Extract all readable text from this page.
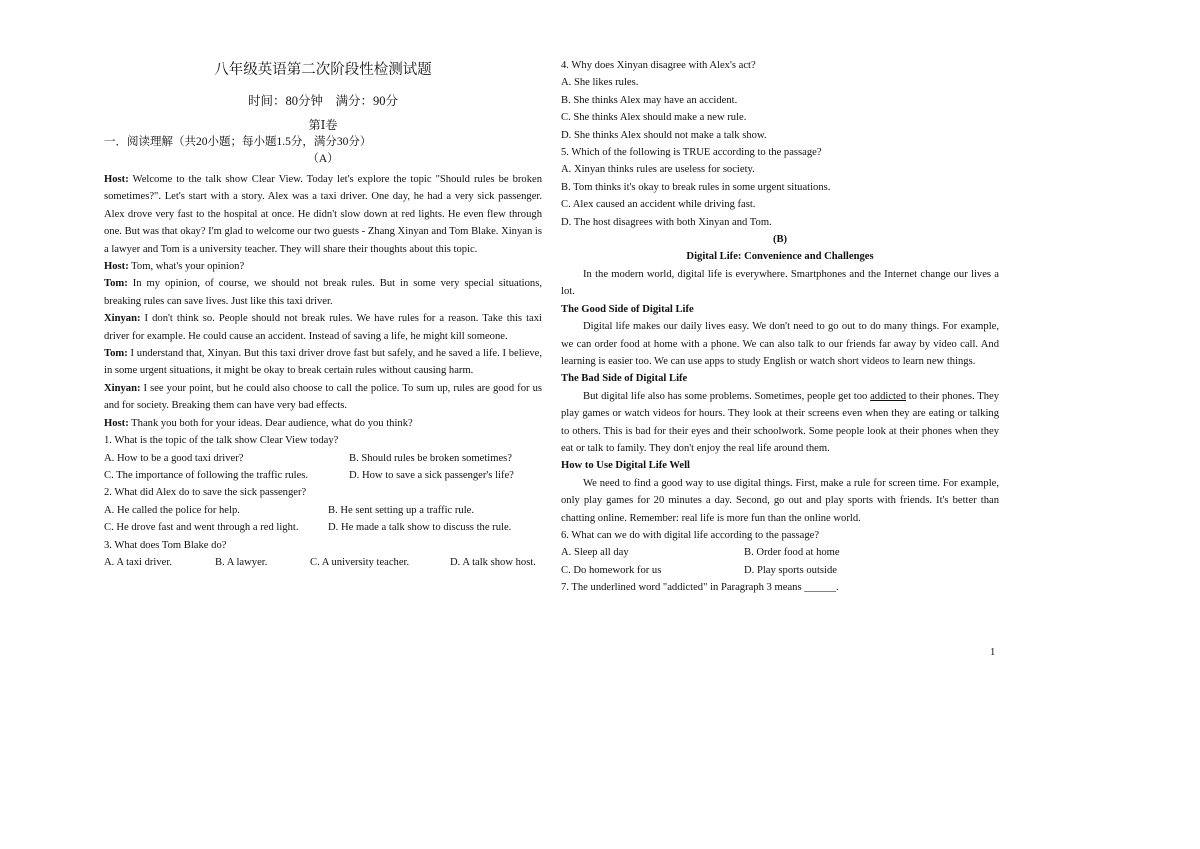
八年级英语第二次阶段性检测试题
时间：80分钟　满分：90分
第Ⅰ卷
一．阅读理解（共20小题；每小题1.5分，满分30分）
（A）

Host: Welcome to the talk show Clear View. Today let's explore the topic "Should rules be broken sometimes?". Let's start with a story. Alex was a taxi driver. One day, he had a very sick passenger. Alex drove very fast to the hospital at once. He didn't slow down at red lights. He even flew through one. But was that okay? I'm glad to welcome our two guests - Zhang Xinyan and Tom Blake. Xinyan is a lawyer and Tom is a university teacher. They will share their thoughts about this topic.

Host: Tom, what's your opinion?

Tom: In my opinion, of course, we should not break rules. But in some very special situations, breaking rules can save lives. Just like this taxi driver.

Xinyan: I don't think so. People should not break rules. We have rules for a reason. Take this taxi driver for example. He could cause an accident. Instead of saving a life, he might kill someone.

Tom: I understand that, Xinyan. But this taxi driver drove fast but safely, and he saved a life. I believe, in some urgent situations, it might be okay to break certain rules without causing harm.

Xinyan: I see your point, but he could also choose to call the police. To sum up, rules are good for us and for society. Breaking them can have very bad effects.

Host: Thank you both for your ideas. Dear audience, what do you think?

1. What is the topic of the talk show Clear View today?

A. How to be a good taxi driver?	B. Should rules be broken sometimes?
C. The importance of following the traffic rules.	D. How to save a sick passenger's life?

2. What did Alex do to save the sick passenger?

A. He called the police for help.	B. He sent setting up a traffic rule.
C. He drove fast and went through a red light.	D. He made a talk show to discuss the rule.

3. What does Tom Blake do?

A. A taxi driver.	B. A lawyer.	C. A university teacher.	D. A talk show host.

4. Why does Xinyan disagree with Alex's act?

A. She likes rules.

B. She thinks Alex may have an accident.

C. She thinks Alex should make a new rule.

D. She thinks Alex should not make a talk show.

5. Which of the following is TRUE according to the passage?

A. Xinyan thinks rules are useless for society.

B. Tom thinks it's okay to break rules in some urgent situations.

C. Alex caused an accident while driving fast.

D. The host disagrees with both Xinyan and Tom.

(B)

Digital Life: Convenience and Challenges

In the modern world, digital life is everywhere. Smartphones and the Internet change our lives a lot.

The Good Side of Digital Life

Digital life makes our daily lives easy. We don't need to go out to do many things. For example, we can order food at home with a phone. We can also talk to our friends far away by video call. And learning is easier too. We can use apps to study English or watch short videos to learn new things.

The Bad Side of Digital Life

But digital life also has some problems. Sometimes, people get too addicted to their phones. They play games or watch videos for hours. They look at their screens even when they are eating or talking to others. This is bad for their eyes and their schoolwork. Some people look at their phones when they eat or talk to family. They don't enjoy the real life around them.

How to Use Digital Life Well

We need to find a good way to use digital things. First, make a rule for screen time. For example, only play games for 20 minutes a day. Second, go out and play sports with friends. It's better than chatting online. Remember: real life is more fun than the online world.

6. What can we do with digital life according to the passage?

A. Sleep all day	B. Order food at home
C. Do homework for us	D. Play sports outside

7. The underlined word "addicted" in Paragraph 3 means ______.

1
